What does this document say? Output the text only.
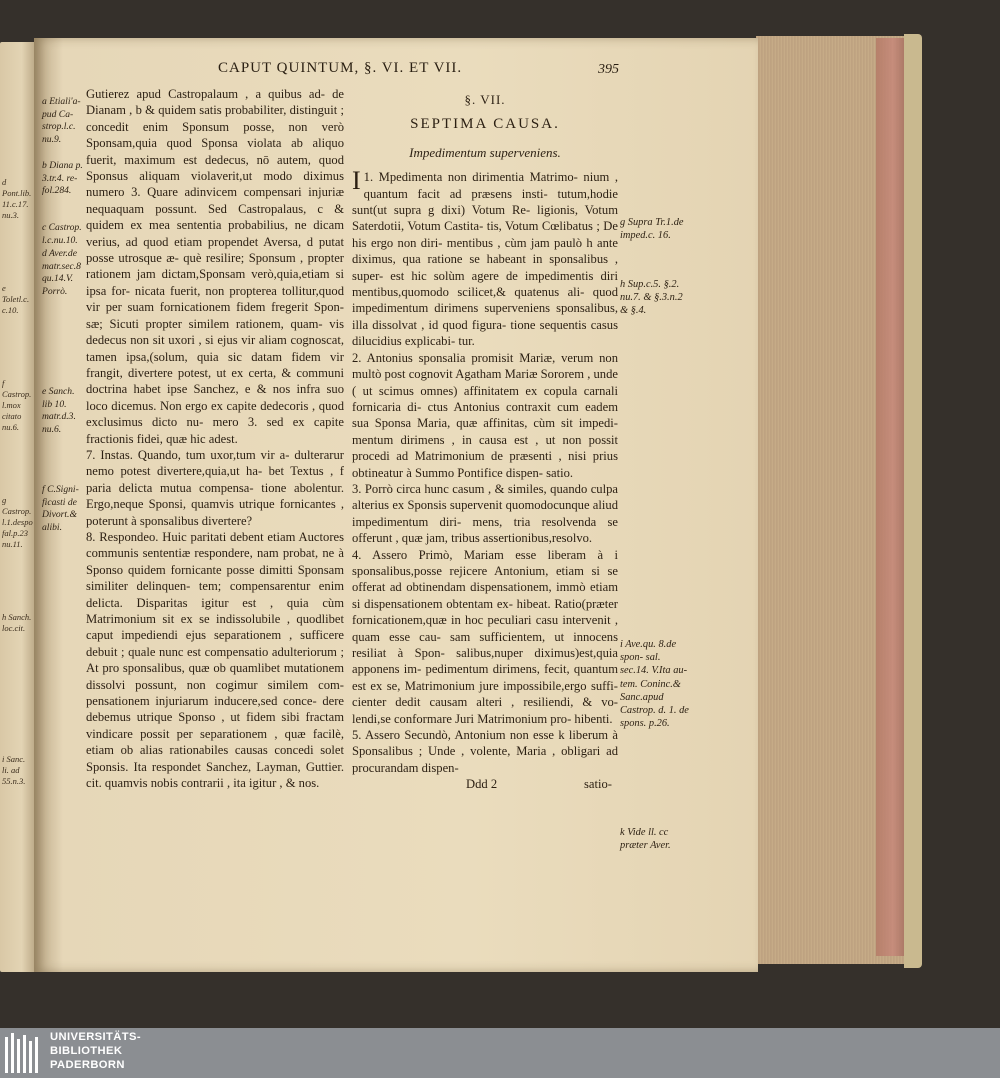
d Pont.lib. 11.c.17. nu.3.
e Toletl.c. c.10.
f Castrop. l.mox citato nu.6.
g Castrop. l.1.despo fal.p.23 nu.11.
h Sanch. loc.cit.
i Sanc. li. ad 55.n.3.
CAPUT QUINTUM, §. VI. ET VII.	395
a Etiali'a- pud Ca- strop.l.c. nu.9.
b Diana p. 3.tr.4. re- fol.284.
c Castrop. l.c.nu.10.
d Aver.de matr.sec.8 qu.14.V. Porrò.
e Sanch. lib 10. matr.d.3. nu.6.
f C.Signi- ficasti de Divort.& alibi.

Gutierez apud Castropalaum , a quibus ad- de Dianam , b & quidem satis probabiliter, distinguit ; concedit enim Sponsum posse, non verò Sponsam,quia quod Sponsa violata ab aliquo fuerit, maximum est dedecus, nō autem, quod Sponsus aliquam violaverit,ut modo diximus numero 3. Quare adinvicem compensari injuriæ nequaquam possunt. Sed Castropalaus, c & quidem ex mea sententia probabilius, ne dicam verius, ad quod etiam propendet Aversa, d putat posse utrosque æ- què resilire; Sponsum , propter rationem jam dictam,Sponsam verò,quia,etiam si ipsa for- nicata fuerit, non propterea tollitur,quod vir per suam fornicationem fidem fregerit Spon- sæ; Sicuti propter similem rationem, quam- vis dedecus non sit uxori , si ejus vir aliam cognoscat, tamen ipsa,(solum, quia sic datam fidem vir frangit, divertere potest, ut ex certa, & communi doctrina habet ipse Sanchez, e & nos infra suo loco dicemus. Non ergo ex capite dedecoris , quod exclusimus dicto nu- mero 3. sed ex capite fractionis fidei, quæ hic adest.

7. Instas. Quando, tum uxor,tum vir a- dulterarur nemo potest divertere,quia,ut ha- bet Textus , f paria delicta mutua compensa- tione abolentur. Ergo,neque Sponsi, quamvis utrique fornicantes , poterunt à sponsalibus divertere?

8. Respondeo. Huic paritati debent etiam Auctores communis sententiæ respondere, nam probat, ne à Sponso quidem fornicante posse dimitti Sponsam similiter delinquen- tem; compensarentur enim delicta. Disparitas igitur est , quia cùm Matrimonium sit ex se indissolubile , quodlibet caput impediendi ejus separationem , sufficere debuit ; quale nunc est compensatio adulteriorum ; At pro sponsalibus, quæ ob quamlibet mutationem dissolvi possunt, non cogimur similem com- pensationem injuriarum inducere,sed conce- dere debemus utrique Sponso , ut fidem sibi fractam vindicare possit per separationem , quæ facilè, etiam ob alias rationabiles causas concedi solet Sponsis. Ita respondet Sanchez, Layman, Guttier. cit. quamvis nobis contrarii , ita igitur , & nos.

§. VII.
SEPTIMA CAUSA.
Impedimentum superveniens.

1.
I Mpedimenta non dirimentia Matrimo- nium , quantum facit ad præsens insti- tutum,hodie sunt(ut supra g dixi) Votum Re- ligionis, Votum Saterdotii, Votum Castita- tis, Votum Cœlibatus ; De his ergo non diri- mentibus , cùm jam paulò h ante diximus, qua ratione se habeant in sponsalibus , super- est hic solùm agere de impedimentis diri mentibus,quomodo scilicet,& quatenus ali- quod impedimentum dirimens superveniens sponsalibus, illa dissolvat , id quod figura- tione sequentis casus dilucidius explicabi- tur.

2. Antonius sponsalia promisit Mariæ, verum non multò post cognovit Agatham Mariæ Sororem , unde ( ut scimus omnes) affinitatem ex copula carnali fornicaria di- ctus Antonius contraxit cum eadem sua Sponsa Maria, quæ affinitas, cùm sit impedi- mentum dirimens , in causa est , ut non possit procedi ad Matrimonium de præsenti , nisi prius obtineatur à Summo Pontifice dispen- satio.

3. Porrò circa hunc casum , & similes, quando culpa alterius ex Sponsis supervenit quomodocunque aliud impedimentum diri- mens, tria resolvenda se offerunt , quæ jam, tribus assertionibus,resolvo.

4. Assero Primò, Mariam esse liberam à i sponsalibus,posse rejicere Antonium, etiam si se offerat ad obtinendam dispensationem, immò etiam si dispensationem obtentam ex- hibeat. Ratio(præter fornicationem,quæ in hoc peculiari casu intervenit , quam esse cau- sam sufficientem, ut innocens resiliat à Spon- salibus,nuper diximus)est,quia apponens im- pedimentum dirimens, fecit, quantum est ex se, Matrimonium jure impossibile,ergo suffi- cienter dedit causam alteri , resiliendi, & vo- lendi,se conformare Juri Matrimonium pro- hibenti.

5. Assero Secundò, Antonium non esse k liberum à Sponsalibus ; Unde , volente, Maria , obligari ad procurandam dispen-

Ddd 2	satio-
g Supra Tr.1.de imped.c. 16.
h Sup.c.5. §.2. nu.7. & §.3.n.2 & §.4.
i Ave.qu. 8.de spon- sal. sec.14. V.Ita au- tem. Coninc.& Sanc.apud Castrop. d. 1. de spons. p.26.
k Vide ll. cc præter Aver.
UNIVERSITÄTS-
BIBLIOTHEK
PADERBORN
